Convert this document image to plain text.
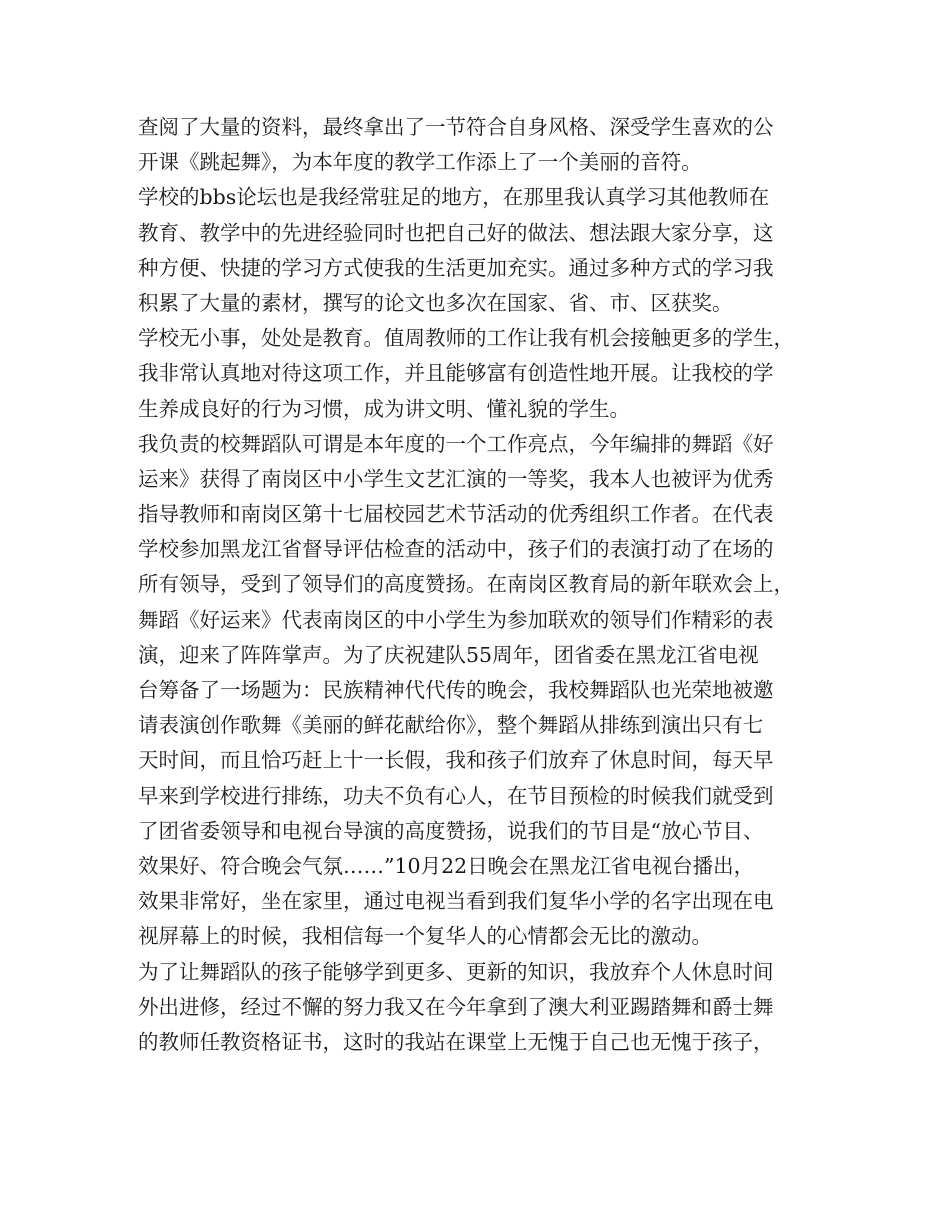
查阅了大量的资料，最终拿出了一节符合自身风格、深受学生喜欢的公

开课《跳起舞》，为本年度的教学工作添上了一个美丽的音符。

学校的bbs论坛也是我经常驻足的地方，在那里我认真学习其他教师在

教育、教学中的先进经验同时也把自己好的做法、想法跟大家分享，这

种方便、快捷的学习方式使我的生活更加充实。通过多种方式的学习我

积累了大量的素材，撰写的论文也多次在国家、省、市、区获奖。

学校无小事，处处是教育。值周教师的工作让我有机会接触更多的学生，

我非常认真地对待这项工作，并且能够富有创造性地开展。让我校的学

生养成良好的行为习惯，成为讲文明、懂礼貌的学生。

我负责的校舞蹈队可谓是本年度的一个工作亮点，今年编排的舞蹈《好

运来》获得了南岗区中小学生文艺汇演的一等奖，我本人也被评为优秀

指导教师和南岗区第十七届校园艺术节活动的优秀组织工作者。在代表

学校参加黑龙江省督导评估检查的活动中，孩子们的表演打动了在场的

所有领导，受到了领导们的高度赞扬。在南岗区教育局的新年联欢会上，

舞蹈《好运来》代表南岗区的中小学生为参加联欢的领导们作精彩的表

演，迎来了阵阵掌声。为了庆祝建队55周年，团省委在黑龙江省电视

台筹备了一场题为：民族精神代代传的晚会，我校舞蹈队也光荣地被邀

请表演创作歌舞《美丽的鲜花献给你》，整个舞蹈从排练到演出只有七

天时间，而且恰巧赶上十一长假，我和孩子们放弃了休息时间，每天早

早来到学校进行排练，功夫不负有心人，在节目预检的时候我们就受到

了团省委领导和电视台导演的高度赞扬，说我们的节目是“放心节目、

效果好、符合晚会气氛……”10月22日晚会在黑龙江省电视台播出，

效果非常好，坐在家里，通过电视当看到我们复华小学的名字出现在电

视屏幕上的时候，我相信每一个复华人的心情都会无比的激动。

为了让舞蹈队的孩子能够学到更多、更新的知识，我放弃个人休息时间

外出进修，经过不懈的努力我又在今年拿到了澳大利亚踢踏舞和爵士舞

的教师任教资格证书，这时的我站在课堂上无愧于自己也无愧于孩子，
